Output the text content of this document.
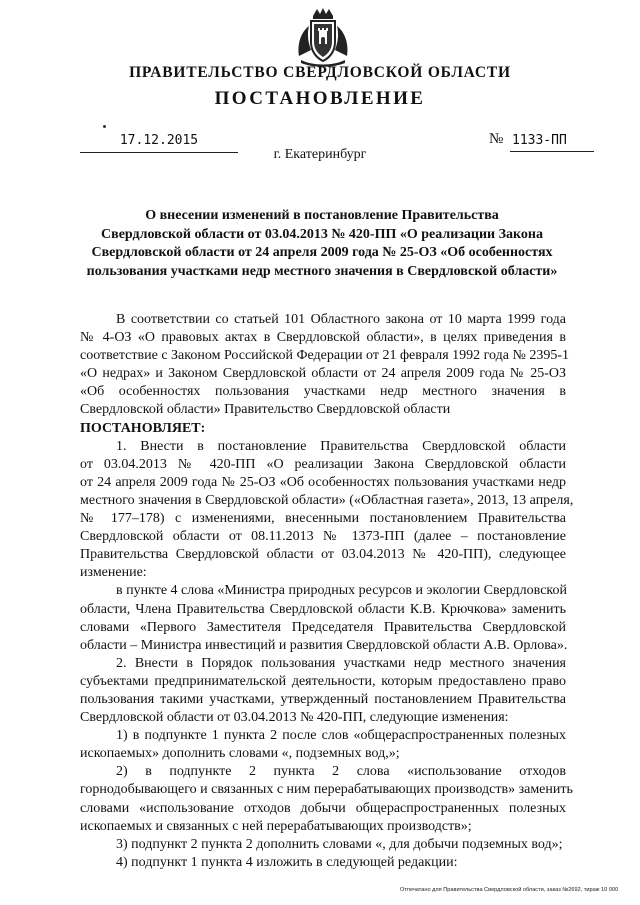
ПРАВИТЕЛЬСТВО СВЕРДЛОВСКОЙ ОБЛАСТИ
ПОСТАНОВЛЕНИЕ
17.12.2015	№ 1133-ПП
г. Екатеринбург
О внесении изменений в постановление Правительства
Свердловской области от 03.04.2013 № 420-ПП «О реализации Закона
Свердловской области от 24 апреля 2009 года № 25-ОЗ «Об особенностях
пользования участками недр местного значения в Свердловской области»
В соответствии со статьей 101 Областного закона от 10 марта 1999 года
№ 4-ОЗ «О правовых актах в Свердловской области», в целях приведения в
соответствие с Законом Российской Федерации от 21 февраля 1992 года № 2395-1
«О недрах» и Законом Свердловской области от 24 апреля 2009 года № 25-ОЗ
«Об особенностях пользования участками недр местного значения в
Свердловской области» Правительство Свердловской области
ПОСТАНОВЛЯЕТ:
1. Внести в постановление Правительства Свердловской области
от 03.04.2013 № 420-ПП «О реализации Закона Свердловской области
от 24 апреля 2009 года № 25-ОЗ «Об особенностях пользования участками недр
местного значения в Свердловской области» («Областная газета», 2013, 13 апреля,
№ 177–178) с изменениями, внесенными постановлением Правительства
Свердловской области от 08.11.2013 № 1373-ПП (далее – постановление
Правительства Свердловской области от 03.04.2013 № 420-ПП), следующее
изменение:
в пункте 4 слова «Министра природных ресурсов и экологии Свердловской
области, Члена Правительства Свердловской области К.В. Крючкова» заменить
словами «Первого Заместителя Председателя Правительства Свердловской
области – Министра инвестиций и развития Свердловской области А.В. Орлова».
2. Внести в Порядок пользования участками недр местного значения
субъектами предпринимательской деятельности, которым предоставлено право
пользования такими участками, утвержденный постановлением Правительства
Свердловской области от 03.04.2013 № 420-ПП, следующие изменения:
1) в подпункте 1 пункта 2 после слов «общераспространенных полезных
ископаемых» дополнить словами «, подземных вод,»;
2) в подпункте 2 пункта 2 слова «использование отходов
горнодобывающего и связанных с ним перерабатывающих производств» заменить
словами «использование отходов добычи общераспространенных полезных
ископаемых и связанных с ней перерабатывающих производств»;
3) подпункт 2 пункта 2 дополнить словами «, для добычи подземных вод»;
4) подпункт 1 пункта 4 изложить в следующей редакции:
Отпечатано для Правительства Свердловской области, заказ №2692, тираж 10 000
